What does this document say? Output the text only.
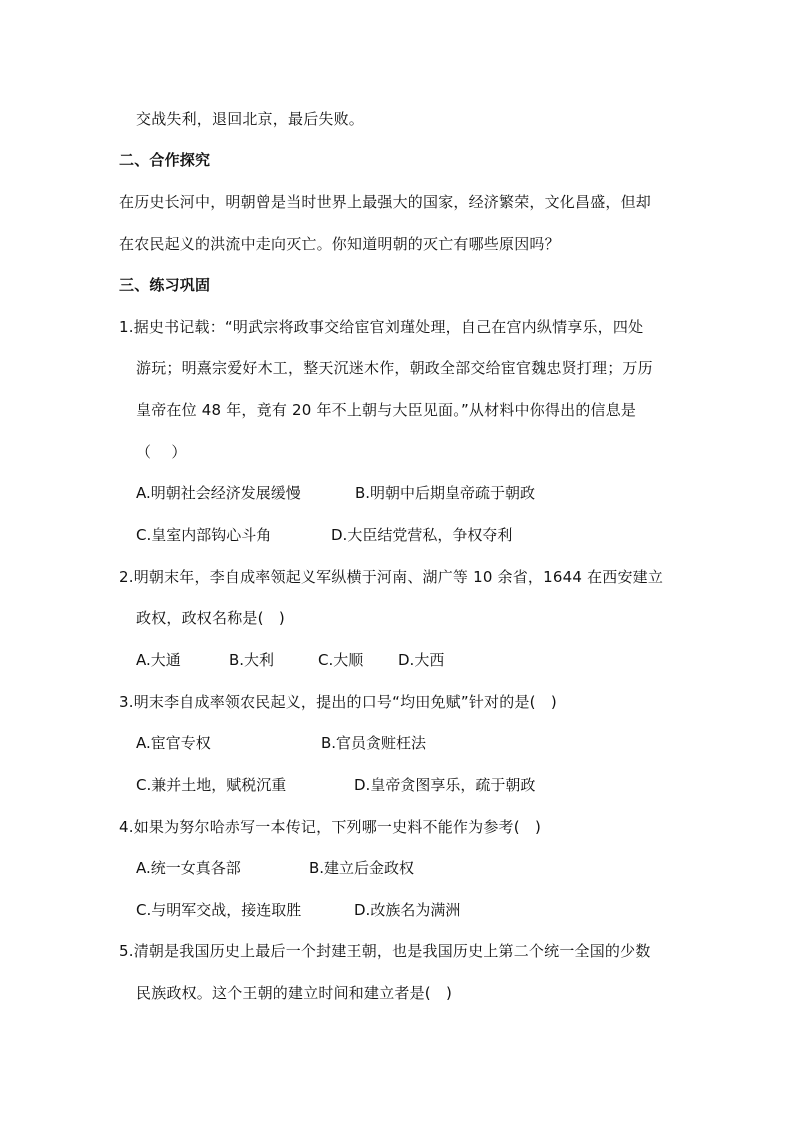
交战失利，退回北京，最后失败。
二、合作探究
在历史长河中，明朝曾是当时世界上最强大的国家，经济繁荣，文化昌盛，但却
在农民起义的洪流中走向灭亡。你知道明朝的灭亡有哪些原因吗？
三、练习巩固
1.据史书记载：“明武宗将政事交给宦官刘瑾处理，自己在宫内纵情享乐，四处
游玩；明熹宗爱好木工，整天沉迷木作，朝政全部交给宦官魏忠贤打理；万历
皇帝在位 48 年，竟有 20 年不上朝与大臣见面。”从材料中你得出的信息是
（　 ）
A.明朝社会经济发展缓慢	B.明朝中后期皇帝疏于朝政
C.皇室内部钩心斗角	D.大臣结党营私，争权夺利
2.明朝末年，李自成率领起义军纵横于河南、湖广等 10 余省，1644 在西安建立
政权，政权名称是(　)
A.大通	B.大利	C.大顺 D.大西
3.明末李自成率领农民起义，提出的口号“均田免赋”针对的是(　)
A.宦官专权	B.官员贪赃枉法
C.兼并土地，赋税沉重	D.皇帝贪图享乐，疏于朝政
4.如果为努尔哈赤写一本传记，下列哪一史料不能作为参考(　)
A.统一女真各部	B.建立后金政权
C.与明军交战，接连取胜	D.改族名为满洲
5.清朝是我国历史上最后一个封建王朝，也是我国历史上第二个统一全国的少数
民族政权。这个王朝的建立时间和建立者是(　)
